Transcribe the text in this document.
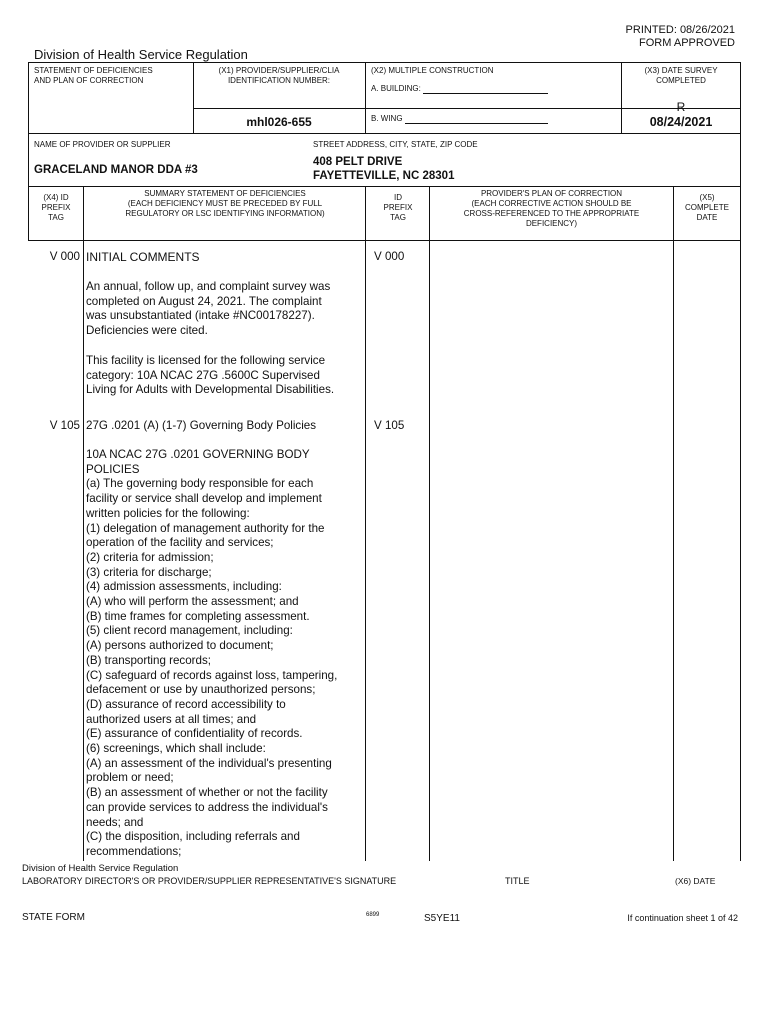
PRINTED: 08/26/2021
FORM APPROVED
Division of Health Service Regulation
STATEMENT OF DEFICIENCIES
AND PLAN OF CORRECTION
(X1) PROVIDER/SUPPLIER/CLIA
IDENTIFICATION NUMBER:
mhl026-655
(X2) MULTIPLE CONSTRUCTION
A. BUILDING:
B. WING
(X3) DATE SURVEY
COMPLETED
R
08/24/2021
NAME OF PROVIDER OR SUPPLIER
GRACELAND MANOR DDA #3
STREET ADDRESS, CITY, STATE, ZIP CODE
408 PELT DRIVE
FAYETTEVILLE, NC 28301
(X4) ID
PREFIX
TAG
SUMMARY STATEMENT OF DEFICIENCIES
(EACH DEFICIENCY MUST BE PRECEDED BY FULL
REGULATORY OR LSC IDENTIFYING INFORMATION)
ID
PREFIX
TAG
PROVIDER'S PLAN OF CORRECTION
(EACH CORRECTIVE ACTION SHOULD BE
CROSS-REFERENCED TO THE APPROPRIATE
DEFICIENCY)
(X5)
COMPLETE
DATE
V 000 INITIAL COMMENTS	V 000
An annual, follow up, and complaint survey was
completed on August 24, 2021. The complaint
was unsubstantiated (intake #NC00178227).
Deficiencies were cited.
This facility is licensed for the following service
category: 10A NCAC 27G .5600C Supervised
Living for Adults with Developmental Disabilities.
V 105 27G .0201 (A) (1-7) Governing Body Policies	V 105
10A NCAC 27G .0201 GOVERNING BODY
POLICIES
(a) The governing body responsible for each
facility or service shall develop and implement
written policies for the following:
(1) delegation of management authority for the
operation of the facility and services;
(2) criteria for admission;
(3) criteria for discharge;
(4) admission assessments, including:
(A) who will perform the assessment; and
(B) time frames for completing assessment.
(5) client record management, including:
(A) persons authorized to document;
(B) transporting records;
(C) safeguard of records against loss, tampering,
defacement or use by unauthorized persons;
(D) assurance of record accessibility to
authorized users at all times; and
(E) assurance of confidentiality of records.
(6) screenings, which shall include:
(A) an assessment of the individual's presenting
problem or need;
(B) an assessment of whether or not the facility
can provide services to address the individual's
needs; and
(C) the disposition, including referrals and
recommendations;
Division of Health Service Regulation
LABORATORY DIRECTOR'S OR PROVIDER/SUPPLIER REPRESENTATIVE'S SIGNATURE	TITLE	(X6) DATE
STATE FORM	6899	S5YE11	If continuation sheet 1 of 42
